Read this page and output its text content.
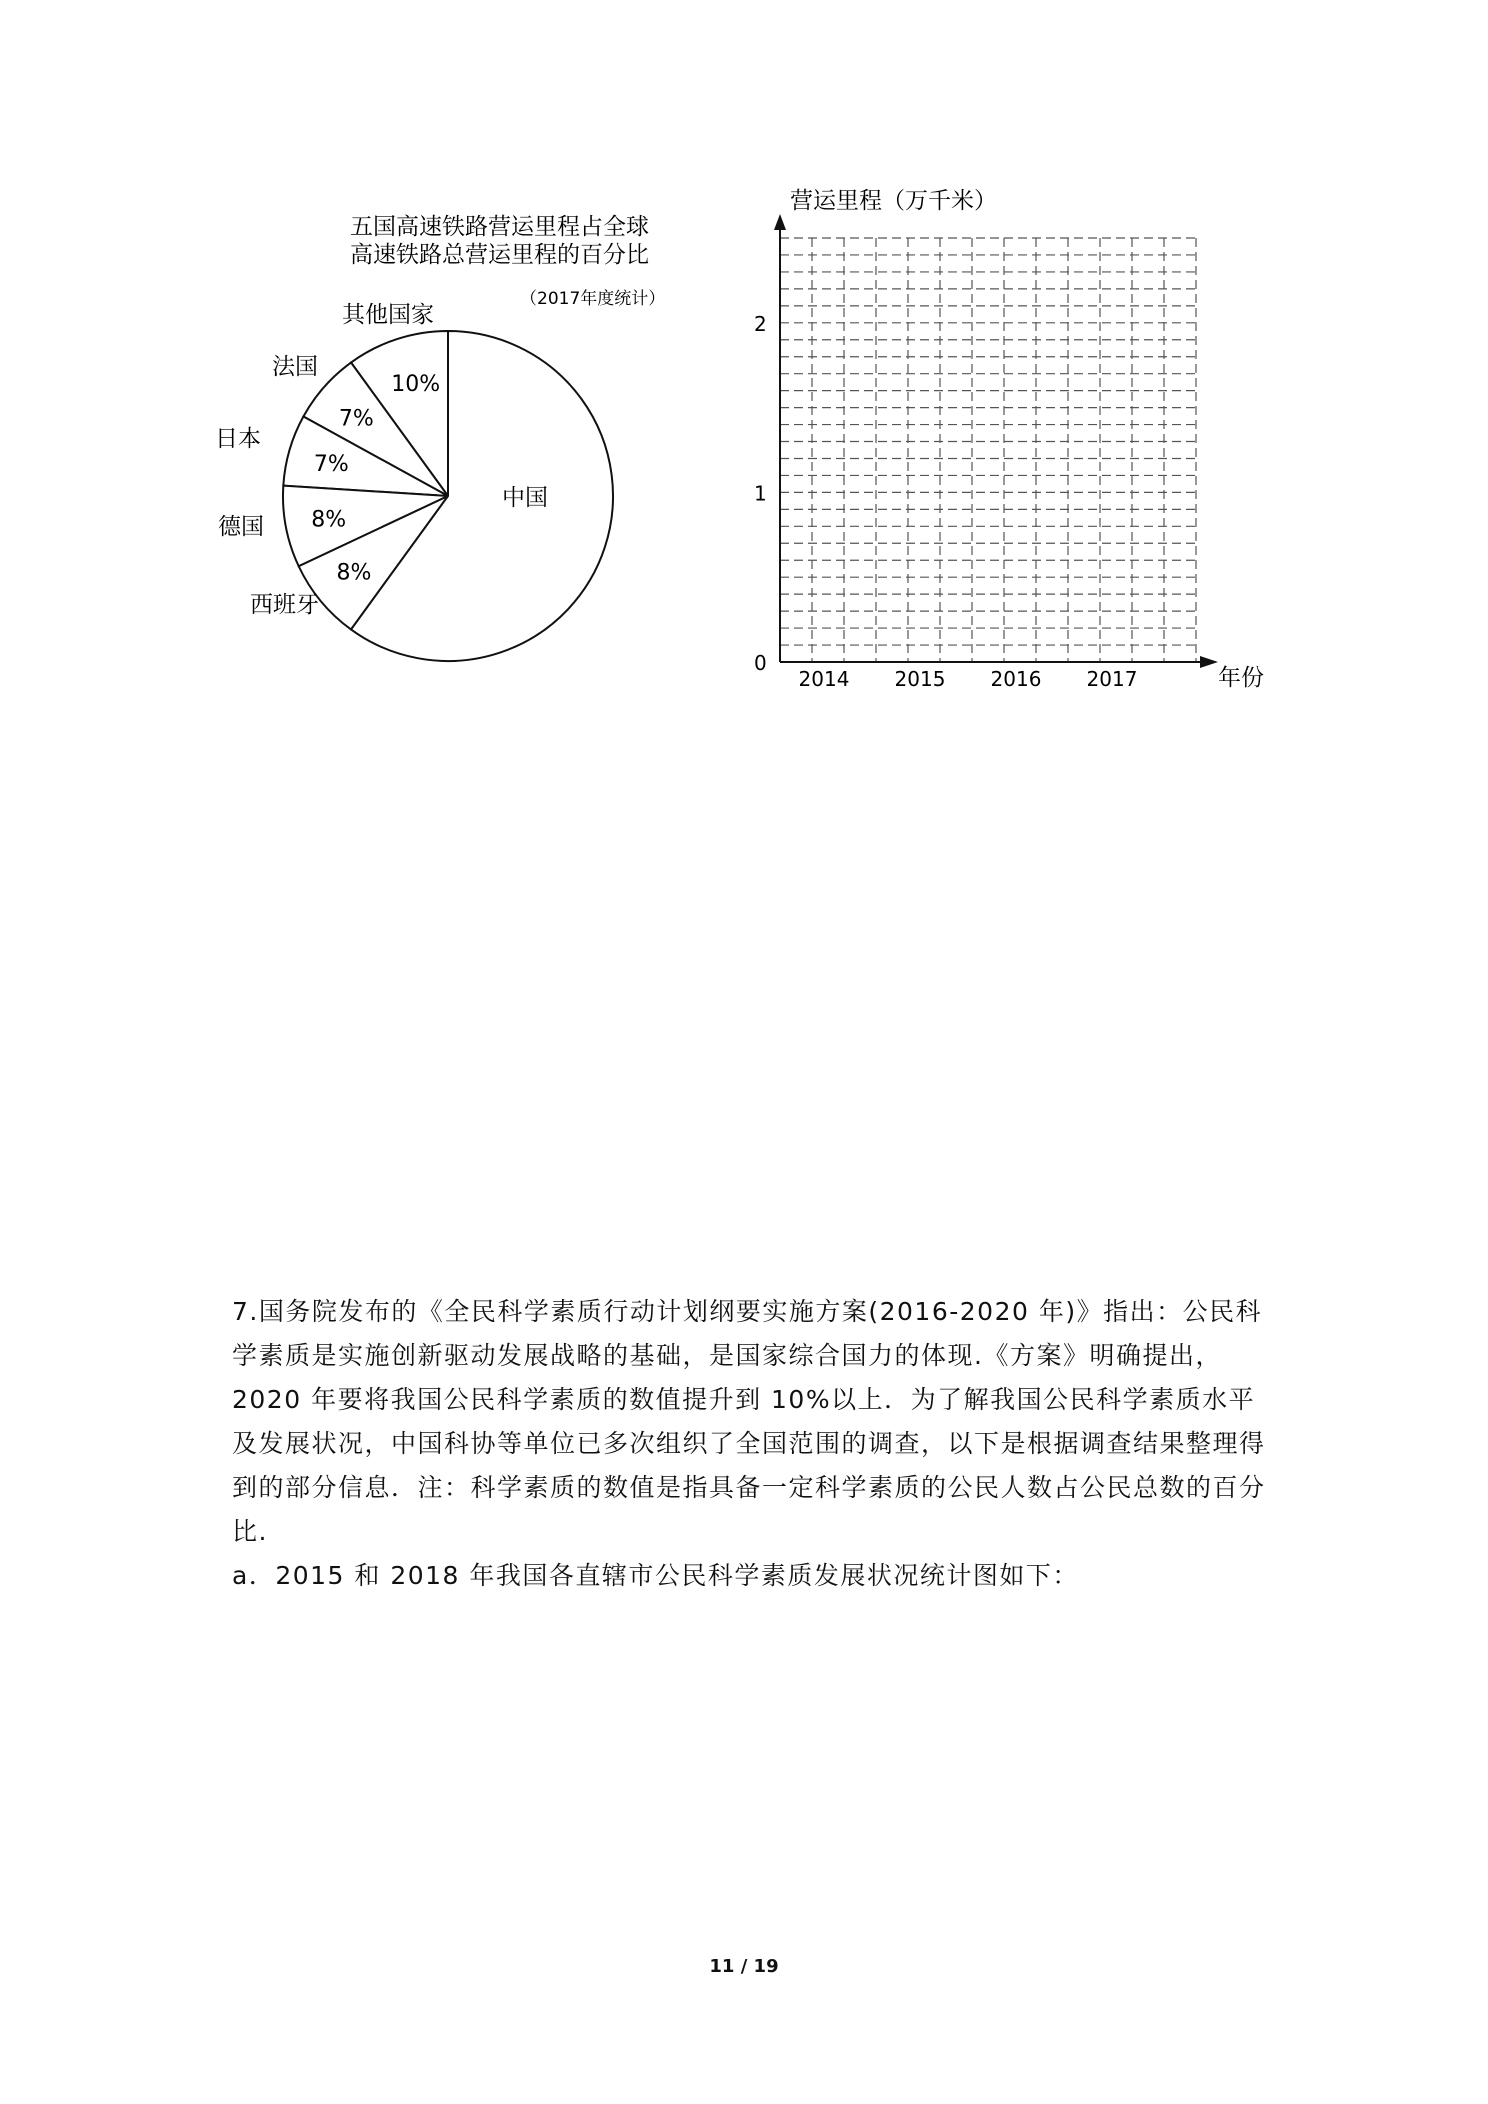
五国高速铁路营运里程占全球
高速铁路总营运里程的百分比
（2017年度统计）
10%
其他国家
7%
法国
7%
日本
8%
德国
8%
西班牙
中国
营运里程（万千米）
年份
0
1
2
2014 2015 2016 2017

7.国务院发布的《全民科学素质行动计划纲要实施方案(2016-2020 年)》指出：公民科学素质是实施创新驱动发展战略的基础，是国家综合国力的体现.《方案》明确提出，2020 年要将我国公民科学素质的数值提升到 10%以上．为了解我国公民科学素质水平及发展状况，中国科协等单位已多次组织了全国范围的调查，以下是根据调查结果整理得到的部分信息．注：科学素质的数值是指具备一定科学素质的公民人数占公民总数的百分比.

a．2015 和 2018 年我国各直辖市公民科学素质发展状况统计图如下：

11 / 19
